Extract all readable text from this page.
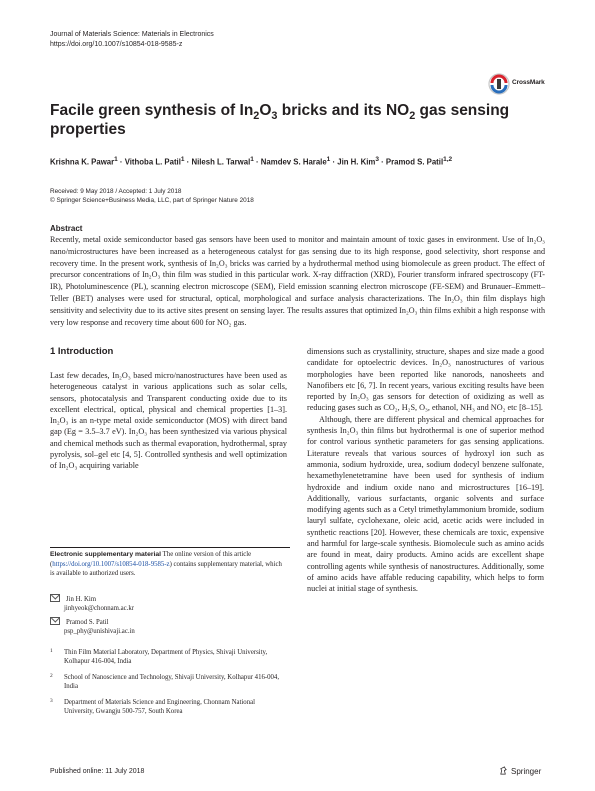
Journal of Materials Science: Materials in Electronics
https://doi.org/10.1007/s10854-018-9585-z
CrossMark
Facile green synthesis of $In_2O_3$ bricks and its $NO_2$ gas sensing properties
Krishna K. Pawar$^1$ · Vithoba L. Patil$^1$ · Nilesh L. Tarwal$^1$ · Namdev S. Harale$^1$ · Jin H. Kim$^3$ · Pramod S. Patil$^{1,2}$
Received: 9 May 2018 / Accepted: 1 July 2018
© Springer Science+Business Media, LLC, part of Springer Nature 2018
Abstract
Recently, metal oxide semiconductor based gas sensors have been used to monitor and maintain amount of toxic gases in environment. Use of In₂O₃ nano/microstructures have been increased as a heterogeneous catalyst for gas sensing due to its high response, good selectivity, short response and recovery time. In the present work, synthesis of In₂O₃ bricks was carried by a hydrothermal method using biomolecule as green product. The effect of precursor concentrations of In₂O₃ thin film was studied in this particular work. X-ray diffraction (XRD), Fourier transform infrared spectroscopy (FT-IR), Photoluminescence (PL), scanning electron microscope (SEM), Field emission scanning electron microscope (FE-SEM) and Brunauer–Emmett–Teller (BET) analyses were used for structural, optical, morphological and surface analysis characterizations. The In₂O₃ thin film displays high sensitivity and selectivity due to its active sites present on sensing layer. The results assures that optimized In₂O₃ thin films exhibit a high response with very low response and recovery time about 600 for NO₂ gas.
1 Introduction

Last few decades, In₂O₃ based micro/nanostructures have been used as heterogeneous catalyst in various applications such as solar cells, sensors, photocatalysis and Transparent conducting oxide due to its excellent electrical, optical, physical and chemical properties [1–3]. In₂O₃ is an n-type metal oxide semiconductor (MOS) with direct band gap (Eg = 3.5–3.7 eV). In₂O₃ has been synthesized via various physical and chemical methods such as thermal evaporation, hydrothermal, spray pyrolysis, sol–gel etc [4, 5]. Controlled synthesis and well optimization of In₂O₃ acquiring variable

dimensions such as crystallinity, structure, shapes and size made a good candidate for optoelectric devices. In₂O₃ nanostructures of various morphologies have been reported like nanorods, nanosheets and Nanofibers etc [6, 7]. In recent years, various exciting results have been reported by In₂O₃ gas sensors for detection of oxidizing as well as reducing gases such as CO₂, H₂S, O₃, ethanol, NH₃ and NO₂ etc [8–15].

Although, there are different physical and chemical approaches for synthesis In₂O₃ thin films but hydrothermal is one of superior method for control various synthetic parameters for gas sensing applications. Literature reveals that various sources of hydroxyl ion such as ammonia, sodium hydroxide, urea, sodium dodecyl benzene sulfonate, hexamethylenetetramine have been used for synthesis of indium hydroxide and indium oxide nano and microstructures [16–19]. Additionally, various surfactants, organic solvents and surface modifying agents such as a Cetyl trimethylammonium bromide, sodium lauryl sulfate, cyclohexane, oleic acid, acetic acids were included in synthetic reactions [20]. However, these chemicals are toxic, expensive and harmful for large-scale synthesis. Biomolecule such as amino acids are found in meat, dairy products. Amino acids are excellent shape controlling agents while synthesis of nanostructures. Additionally, some of amino acids have affable reducing capability, which helps to form nuclei at initial stage of synthesis.

Electronic supplementary material The online version of this article (https://doi.org/10.1007/s10854-018-9585-z) contains supplementary material, which is available to authorized users.
Jin H. Kim
jinhyeok@chonnam.ac.kr
Pramod S. Patil
psp_phy@unishivaji.ac.in
1	Thin Film Material Laboratory, Department of Physics, Shivaji University, Kolhapur 416-004, India
2	School of Nanoscience and Technology, Shivaji University, Kolhapur 416-004, India
3	Department of Materials Science and Engineering, Chonnam National University, Gwangju 500-757, South Korea
Published online: 11 July 2018	Springer
